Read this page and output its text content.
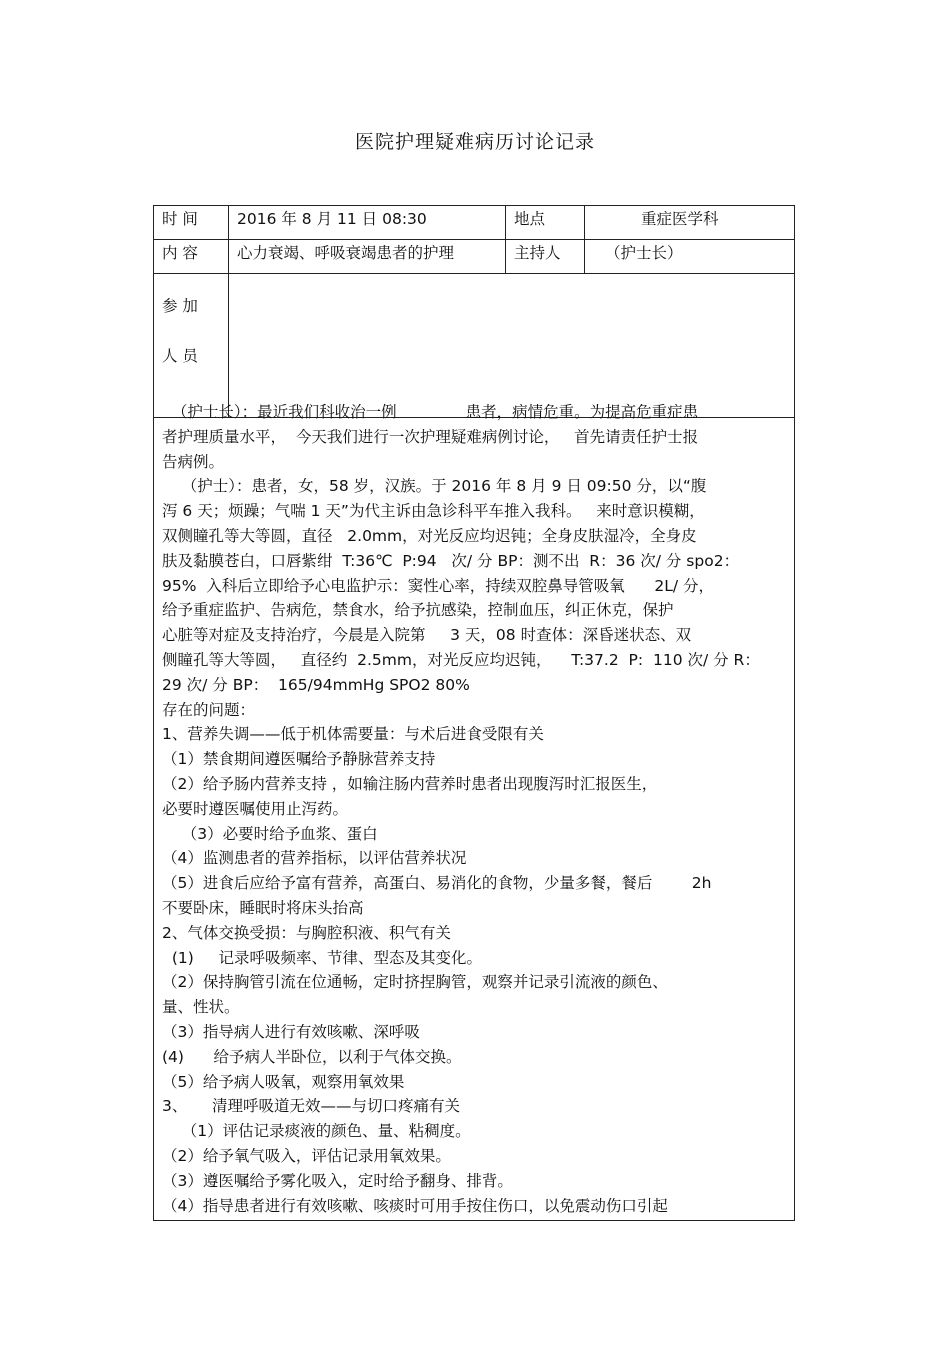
医院护理疑难病历讨论记录
时 间	2016 年 8 月 11 日 08:30	地点	重症医学科
内 容	心力衰竭、呼吸衰竭患者的护理	主持人	（护士长）

参 加
人 员			

（护士长）：最近我们科收治一例              患者，病情危重。为提高危重症患

者护理质量水平，  今天我们进行一次护理疑难病例讨论，   首先请责任护士报

告病例。

（护士）：患者，女，58 岁，汉族。于 2016 年 8 月 9 日 09:50 分，以“腹

泻 6 天；烦躁；气喘 1 天”为代主诉由急诊科平车推入我科。   来时意识模糊，

双侧瞳孔等大等圆，直径   2.0mm，对光反应均迟钝；全身皮肤湿冷，全身皮

肤及黏膜苍白，口唇紫绀  T:36℃  P:94   次/ 分 BP：测不出  R：36 次/ 分 spo2：

95%  入科后立即给予心电监护示：窦性心率，持续双腔鼻导管吸氧      2L/ 分，

给予重症监护、告病危，禁食水，给予抗感染，控制血压，纠正休克，保护

心脏等对症及支持治疗，今晨是入院第     3 天，08 时查体：深昏迷状态、双

侧瞳孔等大等圆，   直径约  2.5mm，对光反应均迟钝，    T:37.2  P:  110 次/ 分 R：

29 次/ 分 BP：  165/94mmHg SPO2 80%

存在的问题：

1、营养失调——低于机体需要量：与术后进食受限有关

（1）禁食期间遵医嘱给予静脉营养支持

（2）给予肠内营养支持 ，如输注肠内营养时患者出现腹泻时汇报医生，

必要时遵医嘱使用止泻药。

（3）必要时给予血浆、蛋白

（4）监测患者的营养指标，以评估营养状况

（5）进食后应给予富有营养，高蛋白、易消化的食物，少量多餐，餐后        2h

不要卧床，睡眠时将床头抬高

2、气体交换受损：与胸腔积液、积气有关

(1)     记录呼吸频率、节律、型态及其变化。

（2）保持胸管引流在位通畅，定时挤捏胸管，观察并记录引流液的颜色、

量、性状。

（3）指导病人进行有效咳嗽、深呼吸

(4)      给予病人半卧位，以利于气体交换。

（5）给予病人吸氧，观察用氧效果

3、     清理呼吸道无效——与切口疼痛有关

（1）评估记录痰液的颜色、量、粘稠度。

（2）给予氧气吸入，评估记录用氧效果。

（3）遵医嘱给予雾化吸入，定时给予翻身、排背。

（4）指导患者进行有效咳嗽、咳痰时可用手按住伤口，以免震动伤口引起
